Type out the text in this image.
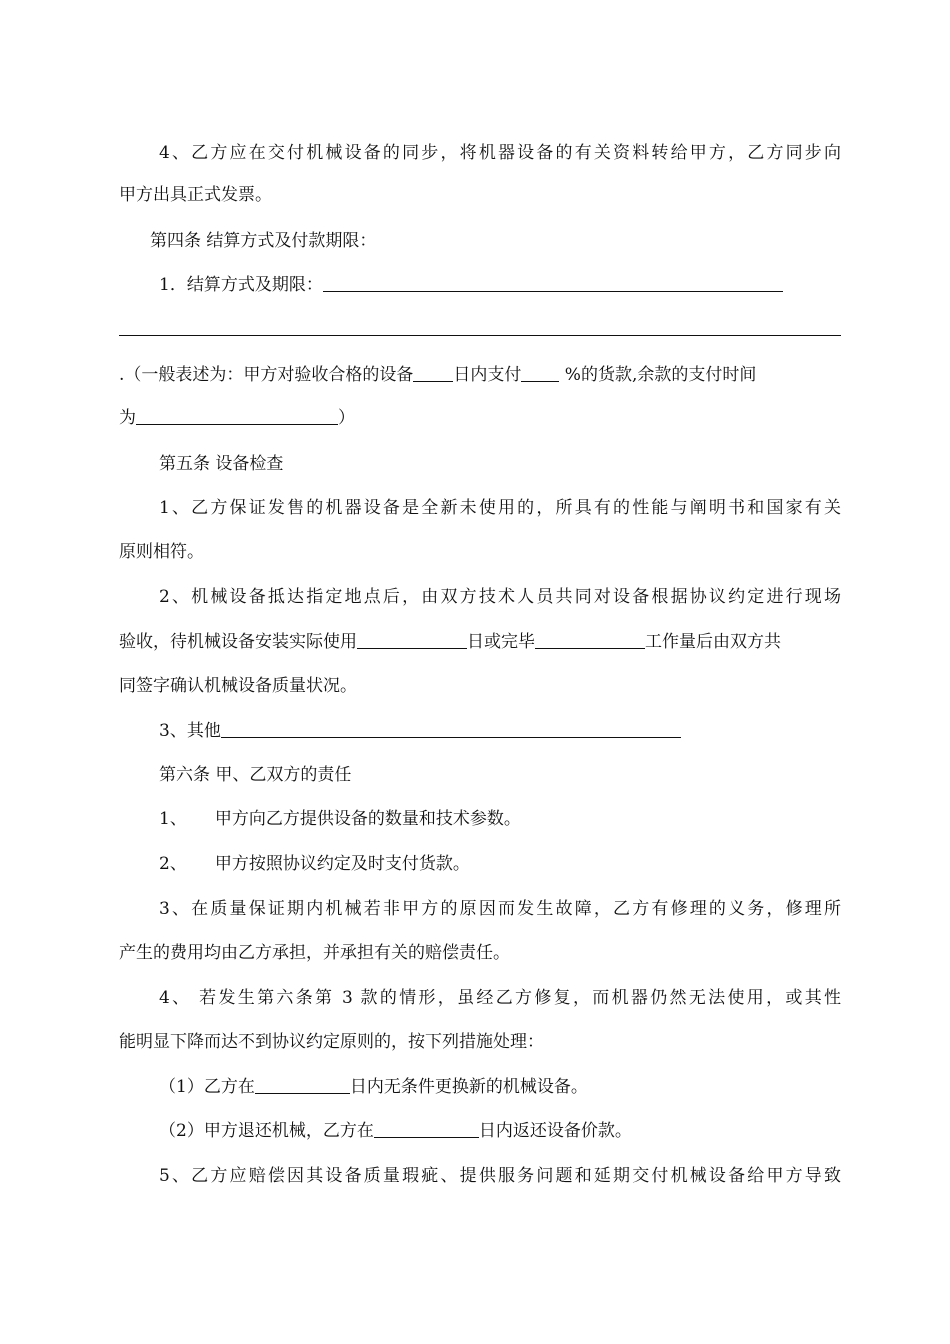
4、乙方应在交付机械设备的同步，将机器设备的有关资料转给甲方，乙方同步向
甲方出具正式发票。
第四条 结算方式及付款期限：
1．结算方式及期限：
.（一般表述为：甲方对验收合格的设备 日内支付 %的货款,余款的支付时间
为	）
第五条 设备检查
1、乙方保证发售的机器设备是全新未使用的，所具有的性能与阐明书和国家有关
原则相符。
2、机械设备抵达指定地点后，由双方技术人员共同对设备根据协议约定进行现场
验收，待机械设备安装实际使用	日或完毕	工作量后由双方共
同签字确认机械设备质量状况。
3、其他
第六条 甲、乙双方的责任
1、 甲方向乙方提供设备的数量和技术参数。
2、 甲方按照协议约定及时支付货款。
3、在质量保证期内机械若非甲方的原因而发生故障，乙方有修理的义务，修理所
产生的费用均由乙方承担，并承担有关的赔偿责任。
4、 若发生第六条第 3 款的情形，虽经乙方修复，而机器仍然无法使用，或其性
能明显下降而达不到协议约定原则的，按下列措施处理：
（1）乙方在	日内无条件更换新的机械设备。
（2）甲方退还机械，乙方在	日内返还设备价款。
5、乙方应赔偿因其设备质量瑕疵、提供服务问题和延期交付机械设备给甲方导致
